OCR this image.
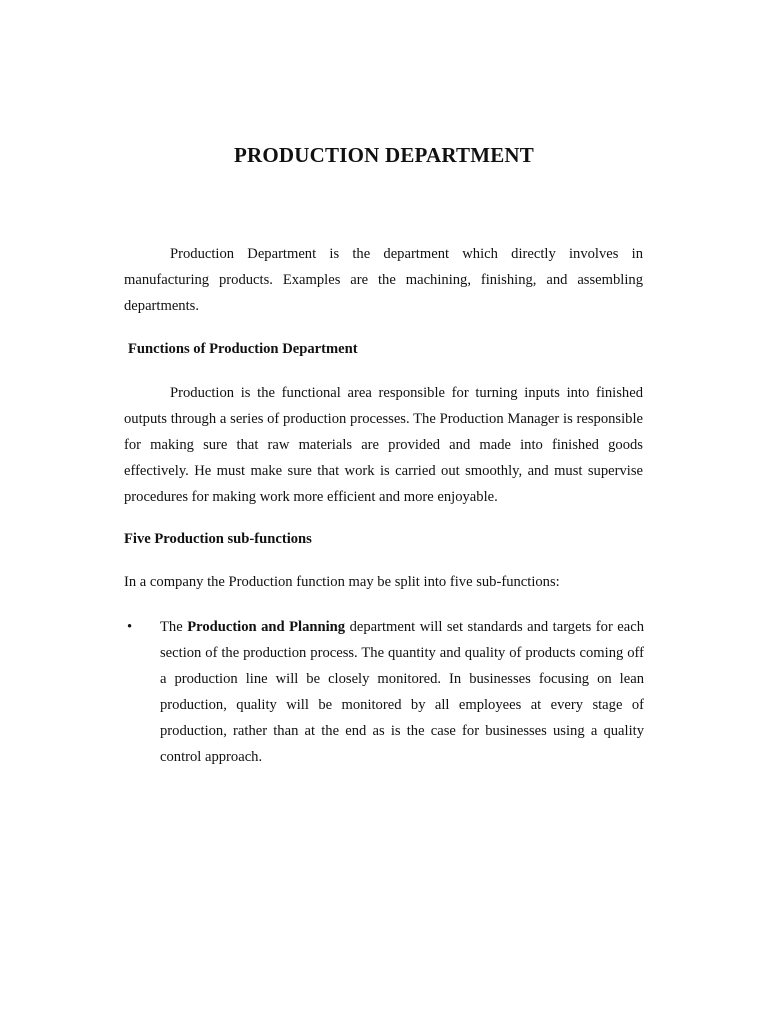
PRODUCTION DEPARTMENT

Production Department is the department which directly involves in manufacturing products. Examples are the machining, finishing, and assembling departments.

Functions of Production Department

Production is the functional area responsible for turning inputs into finished outputs through a series of production processes. The Production Manager is responsible for making sure that raw materials are provided and made into finished goods effectively. He must make sure that work is carried out smoothly, and must supervise procedures for making work more efficient and more enjoyable.

Five Production sub-functions
In a company the Production function may be split into five sub-functions:
• The Production and Planning department will set standards and targets for each section of the production process. The quantity and quality of products coming off a production line will be closely monitored. In businesses focusing on lean production, quality will be monitored by all employees at every stage of production, rather than at the end as is the case for businesses using a quality control approach.
